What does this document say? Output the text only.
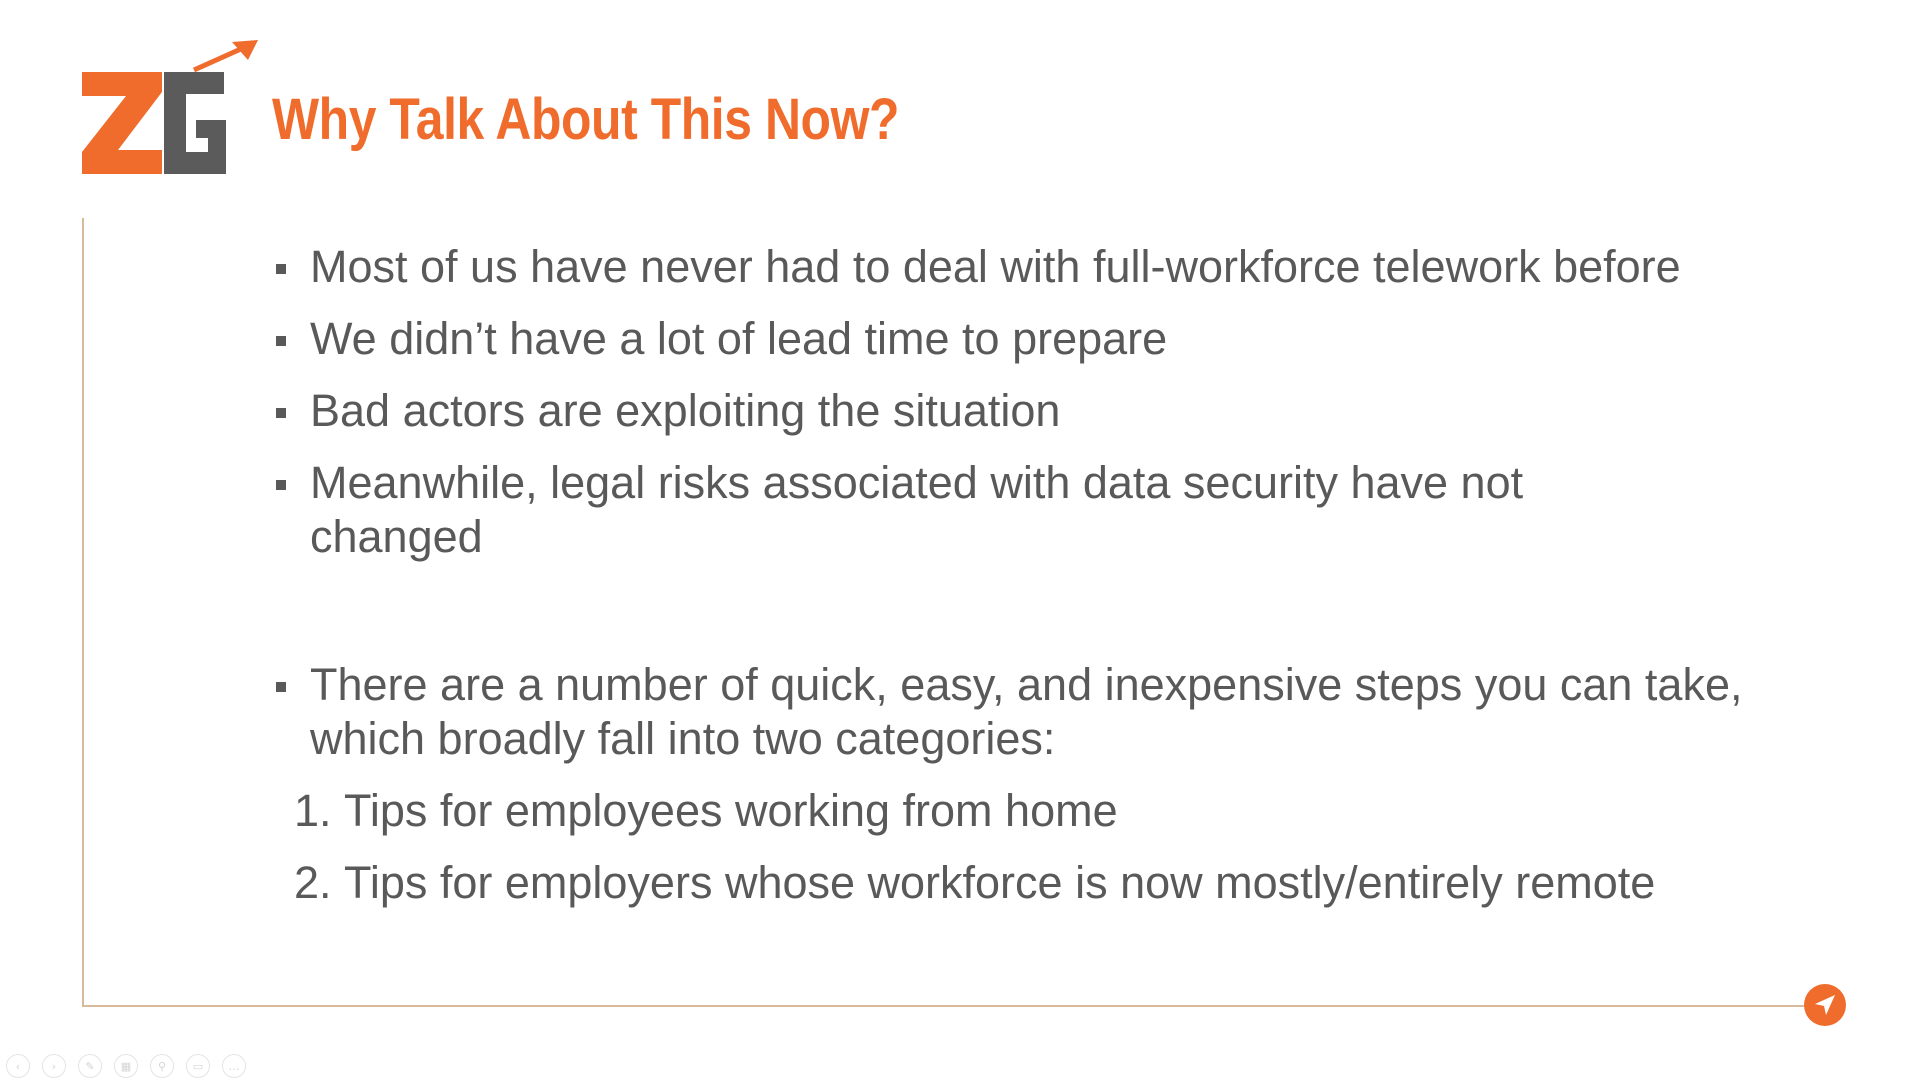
Why Talk About This Now?
Most of us have never had to deal with full-workforce telework before
We didn’t have a lot of lead time to prepare
Bad actors are exploiting the situation
Meanwhile, legal risks associated with data security have not changed
There are a number of quick, easy, and inexpensive steps you can take, which broadly fall into two categories:
1. Tips for employees working from home
2. Tips for employers whose workforce is now mostly/entirely remote
‹	›	✎	▦	⚲	▭	…
